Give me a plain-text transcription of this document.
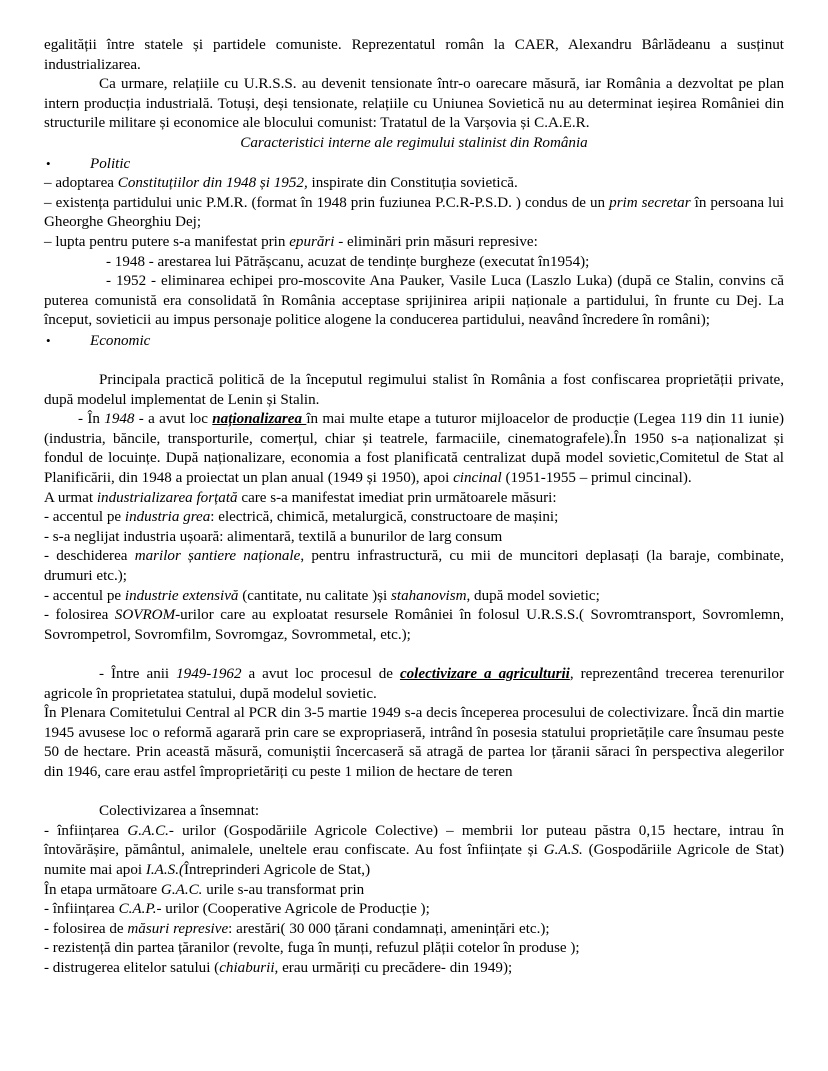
egalității între statele și partidele comuniste. Reprezentatul român la CAER, Alexandru Bârlădeanu a susținut industrializarea.

Ca urmare, relațiile cu U.R.S.S. au devenit tensionate într-o oarecare măsură, iar România a dezvoltat pe plan intern producția industrială. Totuși, deși tensionate, relațiile cu Uniunea Sovietică nu au determinat ieșirea României din structurile militare și economice ale blocului comunist: Tratatul de la Varșovia și C.A.E.R.

Caracteristici interne ale regimului stalinist din România
•Politic

– adoptarea Constituțiilor din 1948 și 1952, inspirate din Constituția sovietică.

– existența partidului unic P.M.R. (format în 1948 prin fuziunea P.C.R-P.S.D. ) condus de un prim secretar în persoana lui Gheorghe Gheorghiu Dej;

– lupta pentru putere s-a manifestat prin epurări - eliminări prin măsuri represive:

- 1948 - arestarea lui Pătrășcanu, acuzat de tendințe burgheze (executat în1954);

- 1952 - eliminarea echipei pro-moscovite Ana Pauker, Vasile Luca (Laszlo Luka) (după ce Stalin, convins că puterea comunistă era consolidată în România acceptase sprijinirea aripii naționale a partidului, în frunte cu Dej. La început, sovieticii au impus personaje politice alogene la conducerea partidului, neavând încredere în români);

•Economic

Principala practică politică de la începutul regimului stalist în România a fost confiscarea proprietății private, după modelul implementat de Lenin și Stalin.

- În 1948 - a avut loc naționalizarea în mai multe etape a tuturor mijloacelor de producție (Legea 119 din 11 iunie) (industria, băncile, transporturile, comerțul, chiar și teatrele, farmaciile, cinematografele).În 1950 s-a naționalizat și fondul de locuințe. După naționalizare, economia a fost planificată centralizat după model sovietic,Comitetul de Stat al Planificării, din 1948 a proiectat un plan anual (1949 și 1950), apoi cincinal (1951-1955 – primul cincinal).

A urmat industrializarea forțată care s-a manifestat imediat prin următoarele măsuri:

- accentul pe industria grea: electrică, chimică, metalurgică, constructoare de mașini;

- s-a neglijat industria ușoară: alimentară, textilă a bunurilor de larg consum

- deschiderea marilor șantiere naționale, pentru infrastructură, cu mii de muncitori deplasați (la baraje, combinate, drumuri etc.);

- accentul pe industrie extensivă (cantitate, nu calitate )și stahanovism, după model sovietic;

- folosirea SOVROM-urilor care au exploatat resursele României în folosul U.R.S.S.( Sovromtransport, Sovromlemn, Sovrompetrol, Sovromfilm, Sovromgaz, Sovrommetal, etc.);

- Între anii 1949-1962 a avut loc procesul de colectivizare a agriculturii, reprezentând trecerea terenurilor agricole în proprietatea statului, după modelul sovietic.

În Plenara Comitetului Central al PCR din 3-5 martie 1949 s-a decis începerea procesului de colectivizare. Încă din martie 1945 avusese loc o reformă agarară prin care se expropriaseră, intrând în posesia statului proprietățile care însumau peste 50 de hectare. Prin această măsură, comuniștii încercaseră să atragă de partea lor țăranii săraci în perspectiva alegerilor din 1946, care erau astfel împroprietăriți cu peste 1 milion de hectare de teren

Colectivizarea a însemnat:

- înființarea G.A.C.- urilor (Gospodăriile Agricole Colective) – membrii lor puteau păstra 0,15 hectare, intrau în întovărășire, pământul, animalele, uneltele erau confiscate. Au fost înființate și G.A.S. (Gospodăriile Agricole de Stat) numite mai apoi I.A.S.(Întreprinderi Agricole de Stat,)

În etapa următoare G.A.C. urile s-au transformat prin

- înființarea C.A.P.- urilor (Cooperative Agricole de Producție );

- folosirea de măsuri represive: arestări( 30 000 țărani condamnați, amenințări etc.);

- rezistență din partea țăranilor (revolte, fuga în munți, refuzul plății cotelor în produse );

- distrugerea elitelor satului (chiaburii, erau urmăriți cu precădere- din 1949);
